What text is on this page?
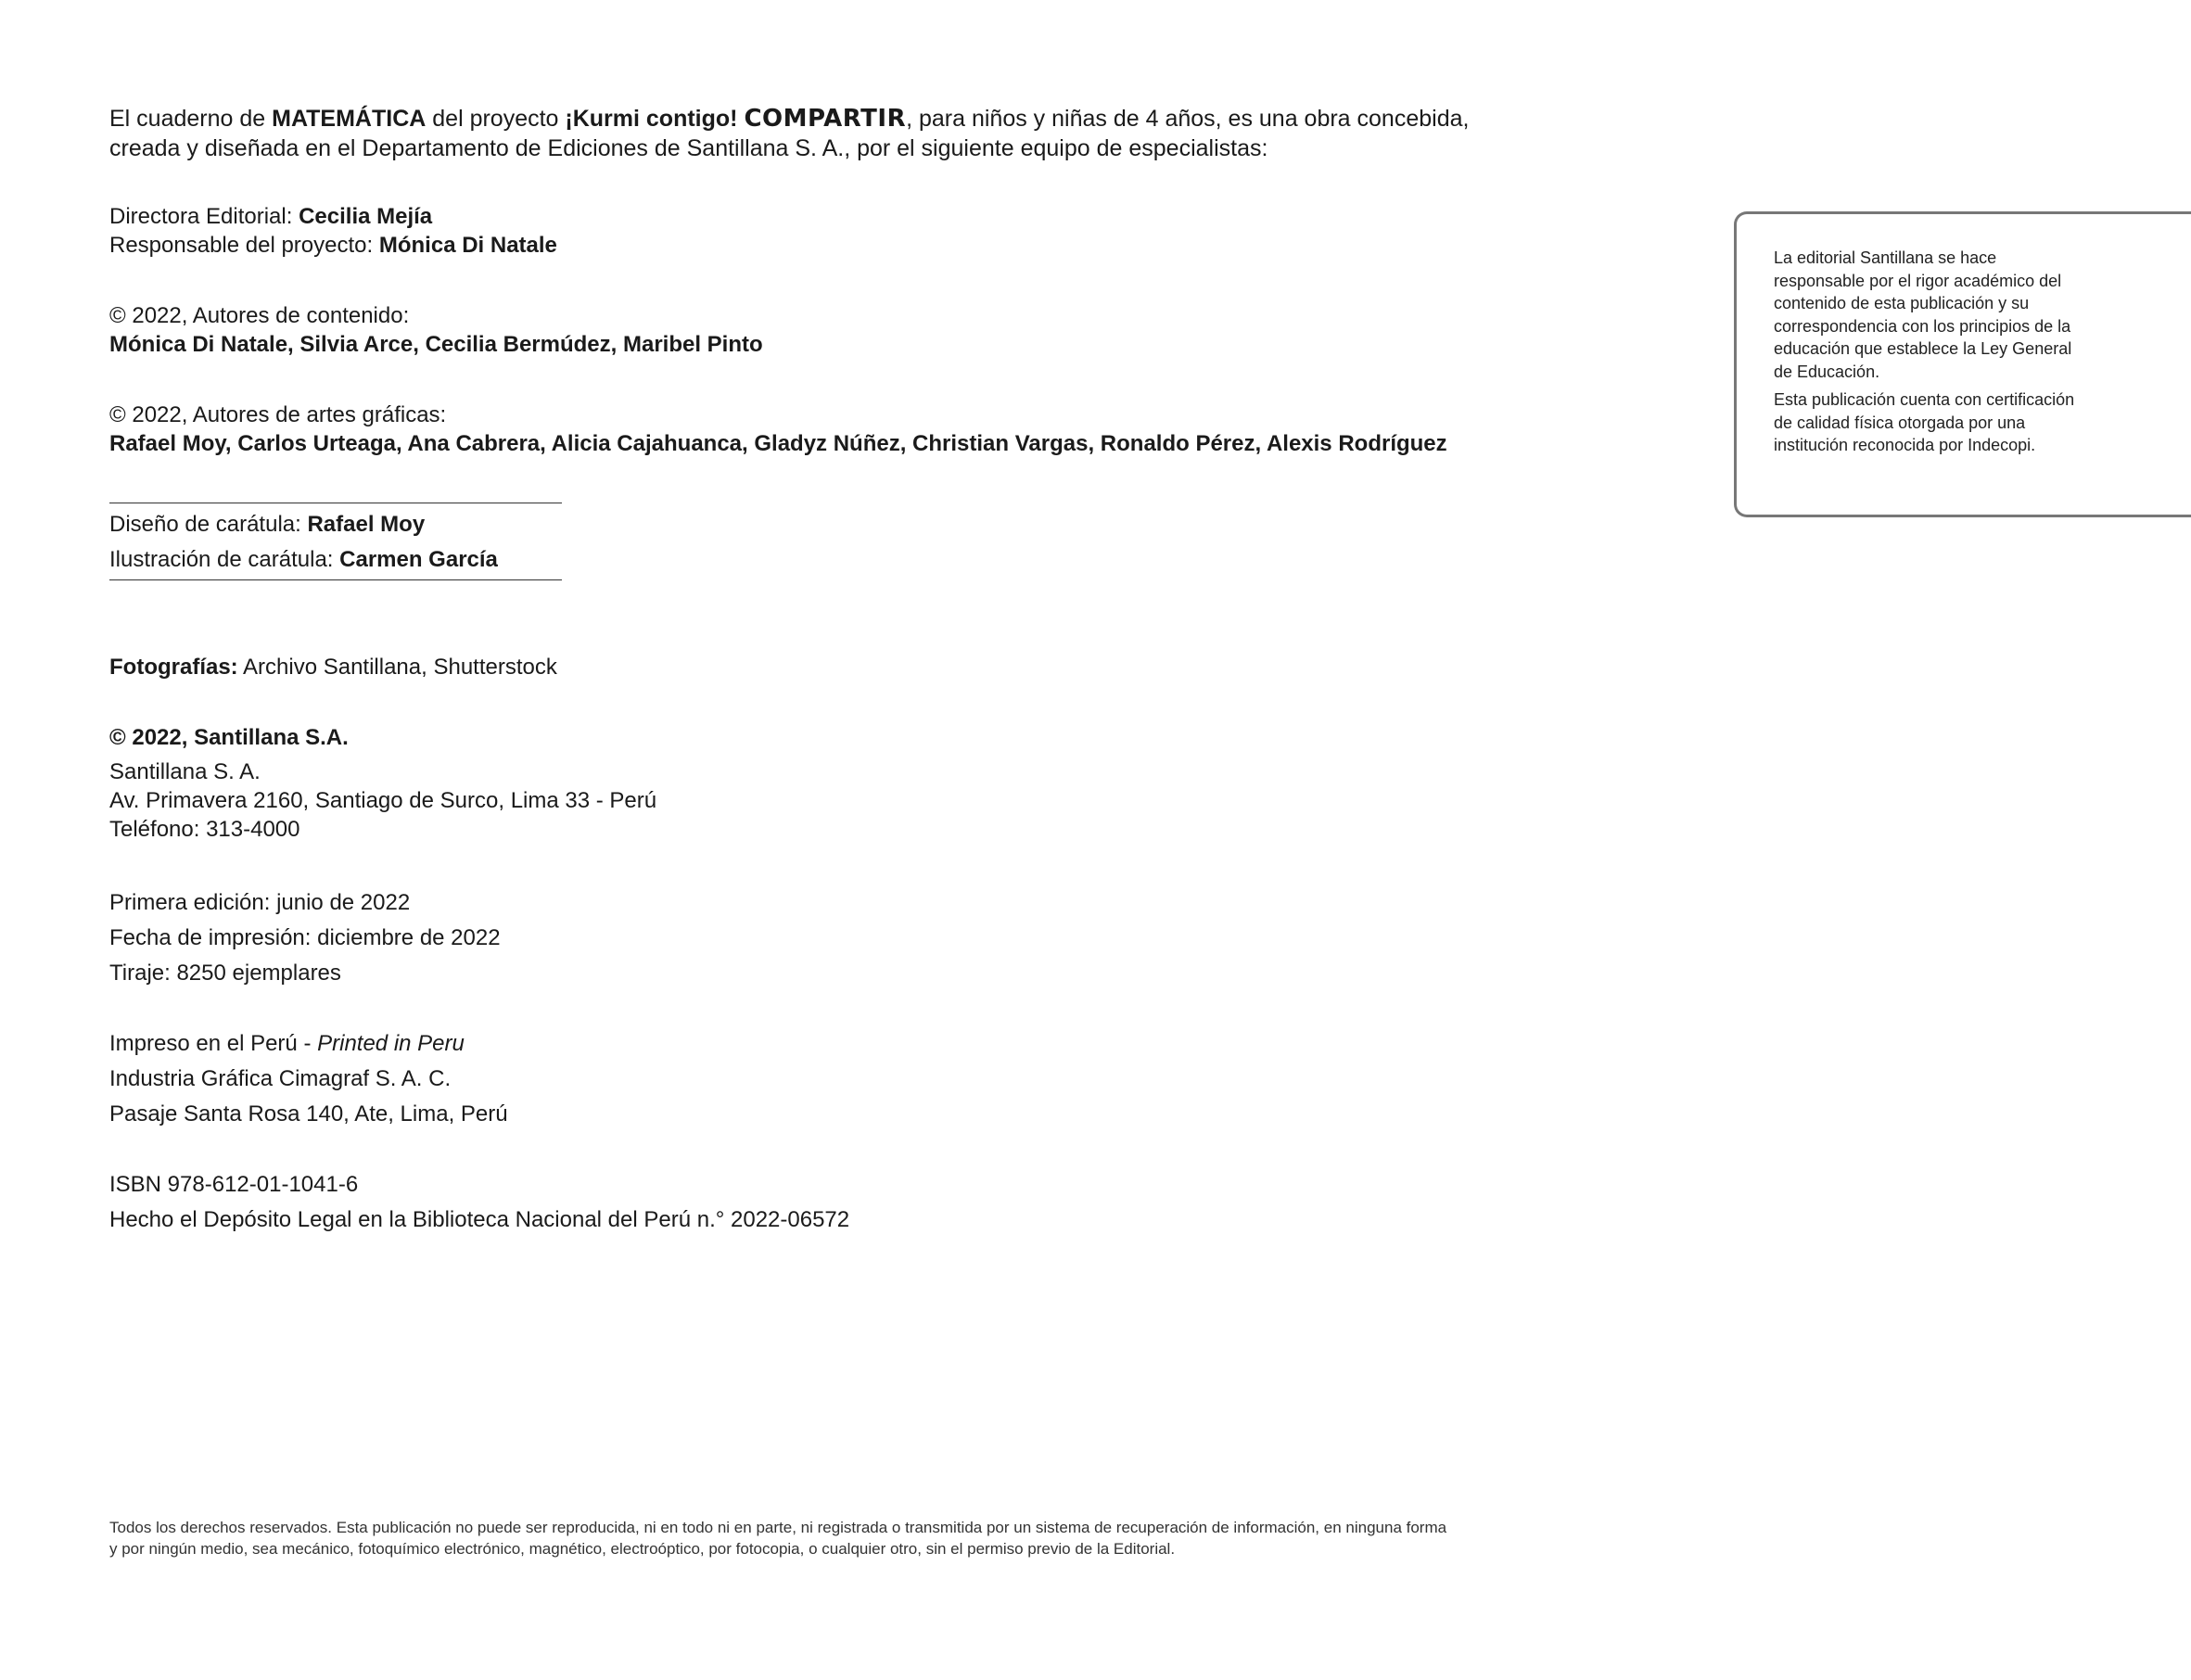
El cuaderno de MATEMÁTICA del proyecto ¡Kurmi contigo! COMPARTIR, para niños y niñas de 4 años, es una obra concebida,
creada y diseñada en el Departamento de Ediciones de Santillana S. A., por el siguiente equipo de especialistas:

Directora Editorial: Cecilia Mejía
Responsable del proyecto: Mónica Di Natale
© 2022, Autores de contenido:
Mónica Di Natale, Silvia Arce, Cecilia Bermúdez, Maribel Pinto
© 2022, Autores de artes gráficas:
Rafael Moy, Carlos Urteaga, Ana Cabrera, Alicia Cajahuanca, Gladyz Núñez, Christian Vargas, Ronaldo Pérez, Alexis Rodríguez
Diseño de carátula: Rafael Moy
Ilustración de carátula: Carmen García
Fotografías: Archivo Santillana, Shutterstock
© 2022, Santillana S.A.
Santillana S. A.
Av. Primavera 2160, Santiago de Surco, Lima 33 - Perú
Teléfono: 313-4000
Primera edición: junio de 2022
Fecha de impresión: diciembre de 2022
Tiraje: 8250 ejemplares
Impreso en el Perú - Printed in Peru
Industria Gráfica Cimagraf S. A. C.
Pasaje Santa Rosa 140, Ate, Lima, Perú
ISBN 978-612-01-1041-6
Hecho el Depósito Legal en la Biblioteca Nacional del Perú n.° 2022-06572

La editorial Santillana se hace responsable por el rigor académico del contenido de esta publicación y su correspondencia con los principios de la educación que establece la Ley General de Educación.

Esta publicación cuenta con certificación de calidad física otorgada por una institución reconocida por Indecopi.

Todos los derechos reservados. Esta publicación no puede ser reproducida, ni en todo ni en parte, ni registrada o transmitida por un sistema de recuperación de información, en ninguna forma

y por ningún medio, sea mecánico, fotoquímico electrónico, magnético, electroóptico, por fotocopia, o cualquier otro, sin el permiso previo de la Editorial.
